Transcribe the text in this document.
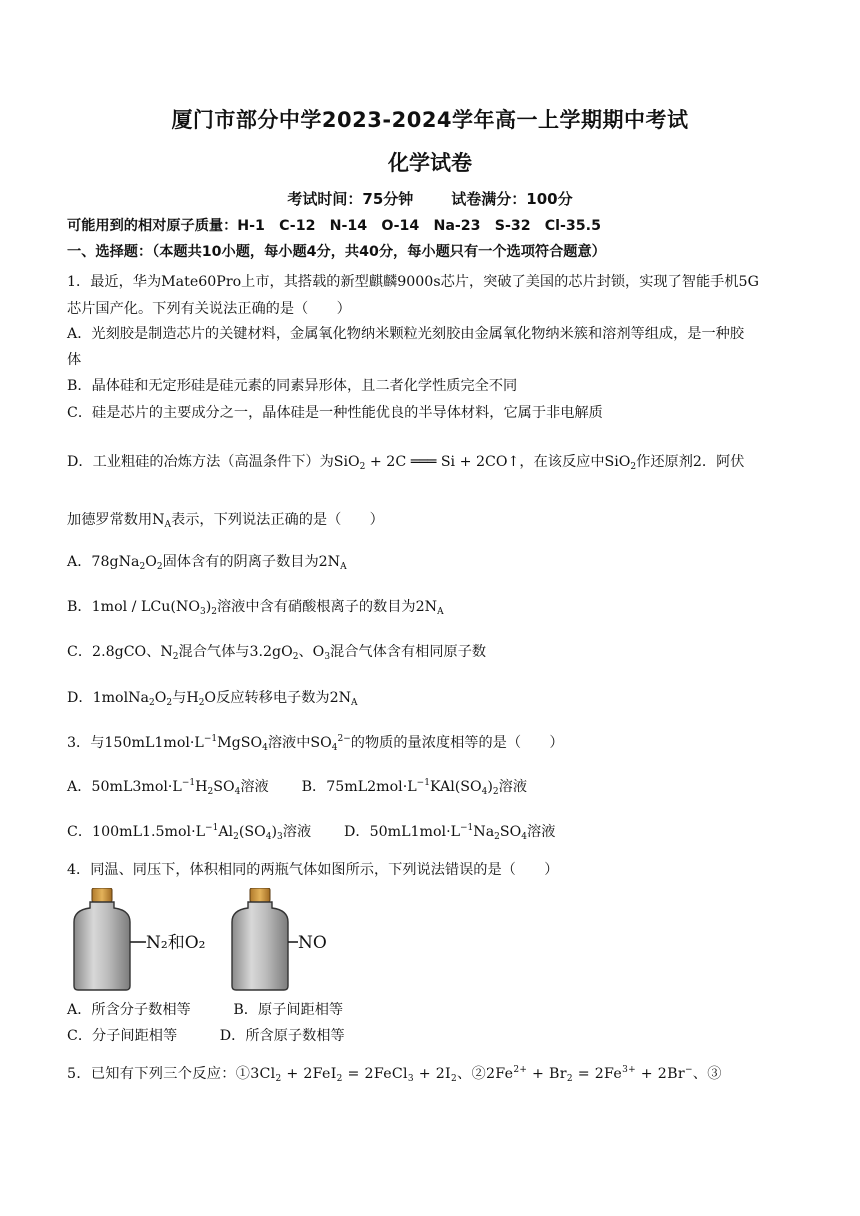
厦门市部分中学2023-2024学年高一上学期期中考试
化学试卷
考试时间：75分钟	试卷满分：100分
可能用到的相对原子质量：H-1　C-12　N-14　O-14　Na-23　S-32　Cl-35.5
一、选择题：（本题共10小题，每小题4分，共40分，每小题只有一个选项符合题意）
1．最近，华为Mate60Pro上市，其搭载的新型麒麟9000s芯片，突破了美国的芯片封锁，实现了智能手机5G
芯片国产化。下列有关说法正确的是（　　）
A．光刻胶是制造芯片的关键材料，金属氧化物纳米颗粒光刻胶由金属氧化物纳米簇和溶剂等组成，是一种胶
体
B．晶体硅和无定形硅是硅元素的同素异形体，且二者化学性质完全不同
C．硅是芯片的主要成分之一，晶体硅是一种性能优良的半导体材料，它属于非电解质
D．工业粗硅的冶炼方法（高温条件下）为SiO$_2$ + 2C ═══ Si + 2CO↑，在该反应中SiO$_2$作还原剂2．阿伏
加德罗常数用$N_A$表示，下列说法正确的是（　　）
A．$78gNa_2O_2$固体含有的阴离子数目为$2N_A$
B．$1mol / LCu(NO_3)_2$溶液中含有硝酸根离子的数目为$2N_A$
C．2.8gCO、$N_2$混合气体与$3.2gO_2$、$O_3$混合气体含有相同原子数
D．$1molNa_2O_2$与$H_2O$反应转移电子数为$2N_A$
3．与$150mL1mol\cdot L^{-1}MgSO_4$溶液中$SO_4^{2-}$的物质的量浓度相等的是（　　）
A．$50mL3mol\cdot L^{-1}H_2SO_4$溶液　　 B．$75mL2mol\cdot L^{-1}KAl(SO_4)_2$溶液
C．$100mL1.5mol\cdot L^{-1}Al_2(SO_4)_3$溶液　　 D．$50mL1mol\cdot L^{-1}Na_2SO_4$溶液
4．同温、同压下，体积相同的两瓶气体如图所示，下列说法错误的是（　　）
N₂和O₂	NO
A．所含分子数相等　　　	B．原子间距相等
C．分子间距相等　　　	D．所含原子数相等
5．已知有下列三个反应：$①3Cl_2 + 2FeI_2$ = 2FeCl$_3$ + $2I_2$、$②2Fe^{2+} + Br_2 = 2Fe^{3+} + 2Br^-$、③
